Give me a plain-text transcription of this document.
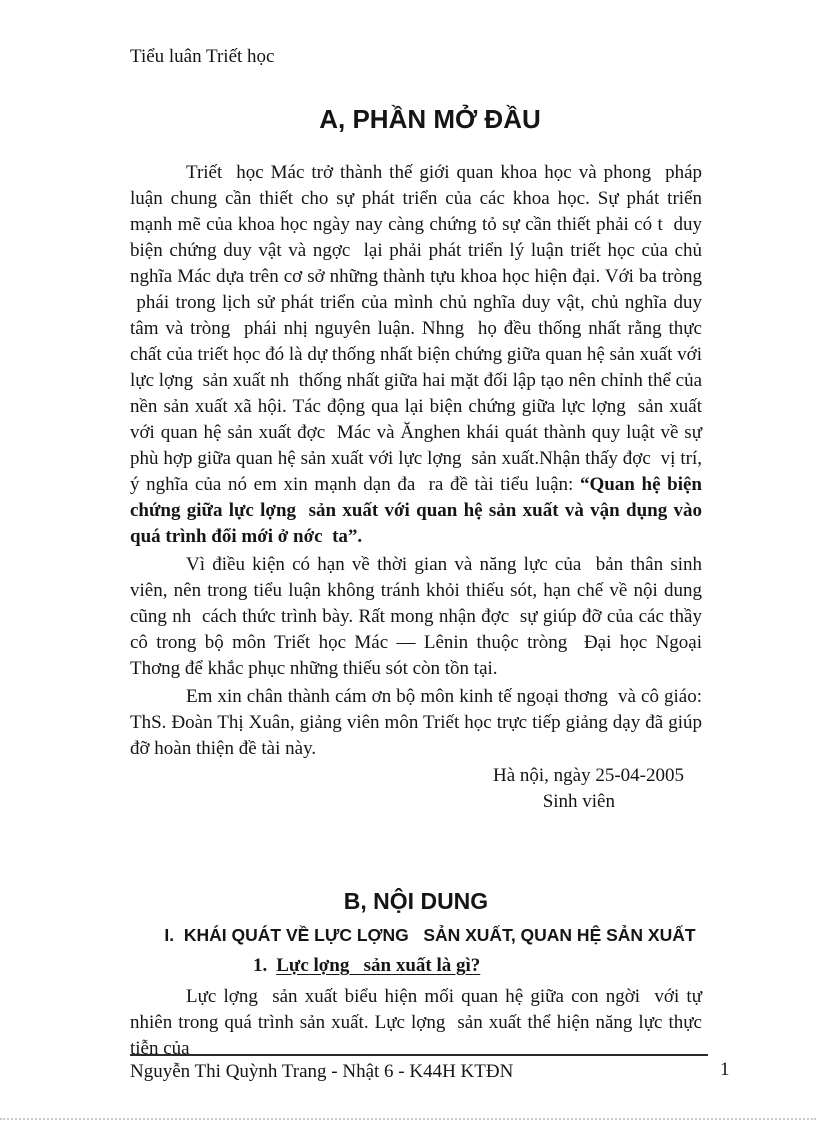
Tiểu luân Triết học
A, PHẦN MỞ ĐẦU
Triết  học Mác trở thành thế giới quan khoa học và phong  pháp luận chung cần thiết cho sự phát triển của các khoa học. Sự phát triển mạnh mẽ của khoa học ngày nay càng chứng tỏ sự cần thiết phải có t  duy biện chứng duy vật và ngợc  lại phải phát triển lý luận triết học của chủ nghĩa Mác dựa trên cơ sở những thành tựu khoa học hiện đại. Với ba tròng  phái trong lịch sử phát triển của mình chủ nghĩa duy vật, chủ nghĩa duy tâm và tròng  phái nhị nguyên luận. Nhng  họ đều thống nhất rằng thực chất của triết học đó là dự thống nhất biện chứng giữa quan hệ sản xuất với lực lợng  sản xuất nh  thống nhất giữa hai mặt đối lập tạo nên chỉnh thể của nền sản xuất xã hội. Tác động qua lại biện chứng giữa lực lợng  sản xuất với quan hệ sản xuất đợc  Mác và Ănghen khái quát thành quy luật về sự phù hợp giữa quan hệ sản xuất với lực lợng  sản xuất.Nhận thấy đợc  vị trí, ý nghĩa của nó em xin mạnh dạn đa  ra đề tài tiểu luận: “Quan hệ biện chứng giữa lực lợng  sản xuất với quan hệ sản xuất và vận dụng vào quá trình đổi mới ở nớc  ta”.
Vì điều kiện có hạn về thời gian và năng lực của  bản thân sinh viên, nên trong tiểu luận không tránh khỏi thiếu sót, hạn chế về nội dung cũng nh  cách thức trình bày. Rất mong nhận đợc  sự giúp đỡ của các thầy cô trong bộ môn Triết học Mác — Lênin thuộc tròng  Đại học Ngoại Thơng để khắc phục những thiếu sót còn tồn tại.
Em xin chân thành cám ơn bộ môn kinh tế ngoại thơng  và cô giáo: ThS. Đoàn Thị Xuân, giảng viên môn Triết học trực tiếp giảng dạy đã giúp đỡ hoàn thiện đề tài này.
Hà nội, ngày 25-04-2005
Sinh viên
B, NỘI DUNG
I.  KHÁI QUÁT VỀ LỰC LỢNG   SẢN XUẤT, QUAN HỆ SẢN XUẤT
1. Lực lợng   sản xuất là gì?
Lực lợng  sản xuất biểu hiện mối quan hệ giữa con ngời  với tự nhiên trong quá trình sản xuất. Lực lợng  sản xuất thể hiện năng lực thực tiễn của
Nguyễn Thi Quỳnh Trang - Nhật 6 - K44H KTĐN	1
